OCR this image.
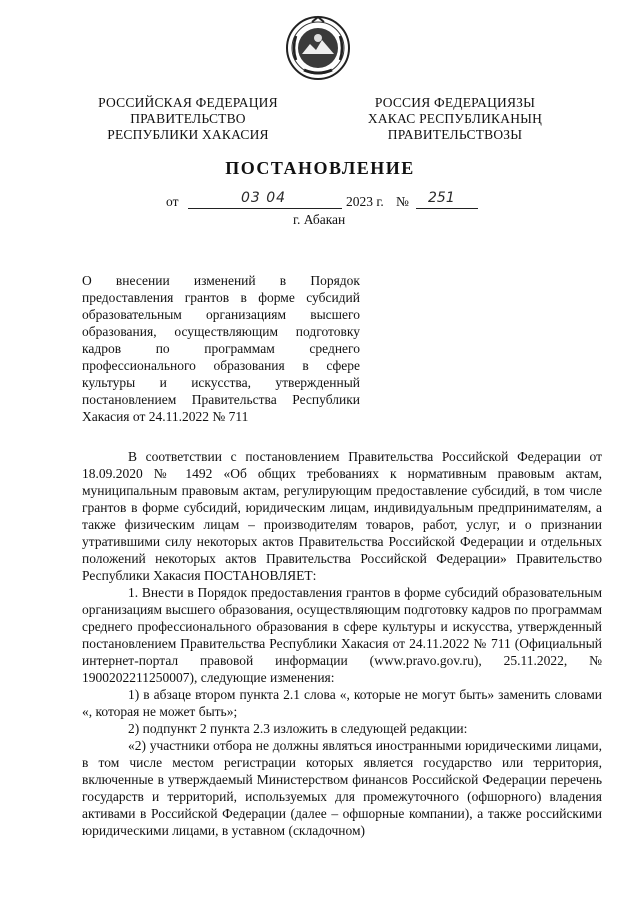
РОССИЙСКАЯ ФЕДЕРАЦИЯ
ПРАВИТЕЛЬСТВО
РЕСПУБЛИКИ ХАКАСИЯ
РОССИЯ ФЕДЕРАЦИЯЗЫ
ХАКАС РЕСПУБЛИКАНЫҢ
ПРАВИТЕЛЬСТВОЗЫ
ПОСТАНОВЛЕНИЕ
от	03 04	2023 г. № 251
г. Абакан
О внесении изменений в Порядок предоставления грантов в форме субсидий образовательным организациям высшего образования, осуществляющим подготовку кадров по программам среднего профессионального образования в сфере культуры и искусства, утвержденный постановлением Правительства Республики Хакасия от 24.11.2022 № 711

В соответствии с постановлением Правительства Российской Федерации от 18.09.2020 № 1492 «Об общих требованиях к нормативным правовым актам, муниципальным правовым актам, регулирующим предоставление субсидий, в том числе грантов в форме субсидий, юридическим лицам, индивидуальным предпринимателям, а также физическим лицам – производителям товаров, работ, услуг, и о признании утратившими силу некоторых актов Правительства Российской Федерации и отдельных положений некоторых актов Правительства Российской Федерации» Правительство Республики Хакасия ПОСТАНОВЛЯЕТ:

1. Внести в Порядок предоставления грантов в форме субсидий образовательным организациям высшего образования, осуществляющим подготовку кадров по программам среднего профессионального образования в сфере культуры и искусства, утвержденный постановлением Правительства Республики Хакасия от 24.11.2022 № 711 (Официальный интернет-портал правовой информации (www.pravo.gov.ru), 25.11.2022, № 1900202211250007), следующие изменения:

1) в абзаце втором пункта 2.1 слова «, которые не могут быть» заменить словами «, которая не может быть»;

2) подпункт 2 пункта 2.3 изложить в следующей редакции:

«2) участники отбора не должны являться иностранными юридическими лицами, в том числе местом регистрации которых является государство или территория, включенные в утверждаемый Министерством финансов Российской Федерации перечень государств и территорий, используемых для промежуточного (офшорного) владения активами в Российской Федерации (далее – офшорные компании), а также российскими юридическими лицами, в уставном (складочном)
